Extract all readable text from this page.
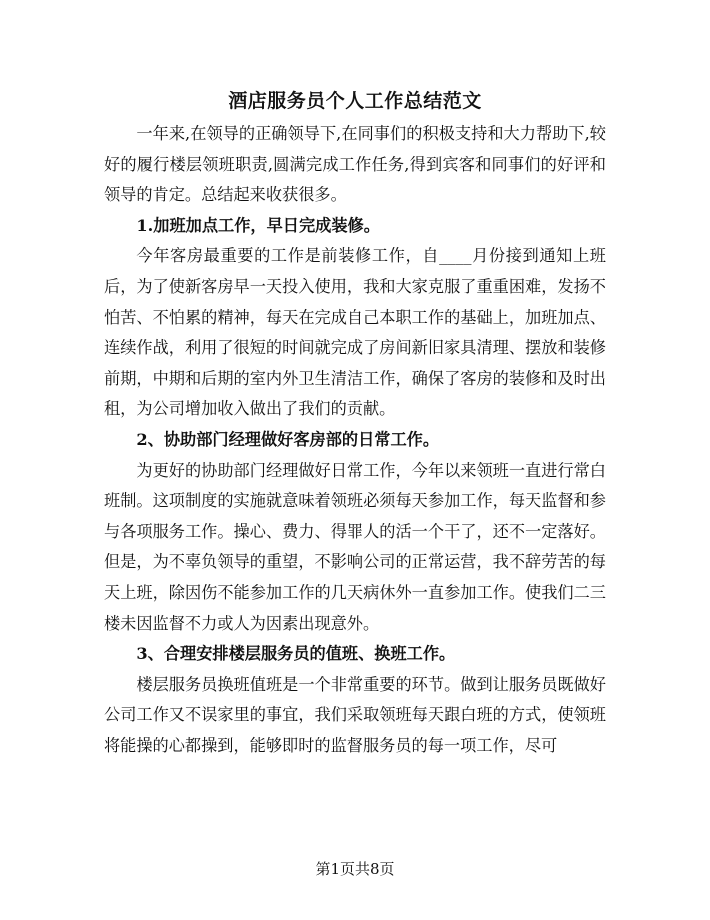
酒店服务员个人工作总结范文

一年来,在领导的正确领导下,在同事们的积极支持和大力帮助下,较好的履行楼层领班职责,圆满完成工作任务,得到宾客和同事们的好评和领导的肯定。总结起来收获很多。

1.加班加点工作，早日完成装修。

今年客房最重要的工作是前装修工作，自____月份接到通知上班后，为了使新客房早一天投入使用，我和大家克服了重重困难，发扬不怕苦、不怕累的精神，每天在完成自己本职工作的基础上，加班加点、连续作战，利用了很短的时间就完成了房间新旧家具清理、摆放和装修前期，中期和后期的室内外卫生清洁工作，确保了客房的装修和及时出租，为公司增加收入做出了我们的贡献。

2、协助部门经理做好客房部的日常工作。

为更好的协助部门经理做好日常工作，今年以来领班一直进行常白班制。这项制度的实施就意味着领班必须每天参加工作，每天监督和参与各项服务工作。操心、费力、得罪人的活一个干了，还不一定落好。但是，为不辜负领导的重望，不影响公司的正常运营，我不辞劳苦的每天上班，除因伤不能参加工作的几天病休外一直参加工作。使我们二三楼未因监督不力或人为因素出现意外。

3、合理安排楼层服务员的值班、换班工作。

楼层服务员换班值班是一个非常重要的环节。做到让服务员既做好公司工作又不误家里的事宜，我们采取领班每天跟白班的方式，使领班将能操的心都操到，能够即时的监督服务员的每一项工作，尽可

第1页共8页
